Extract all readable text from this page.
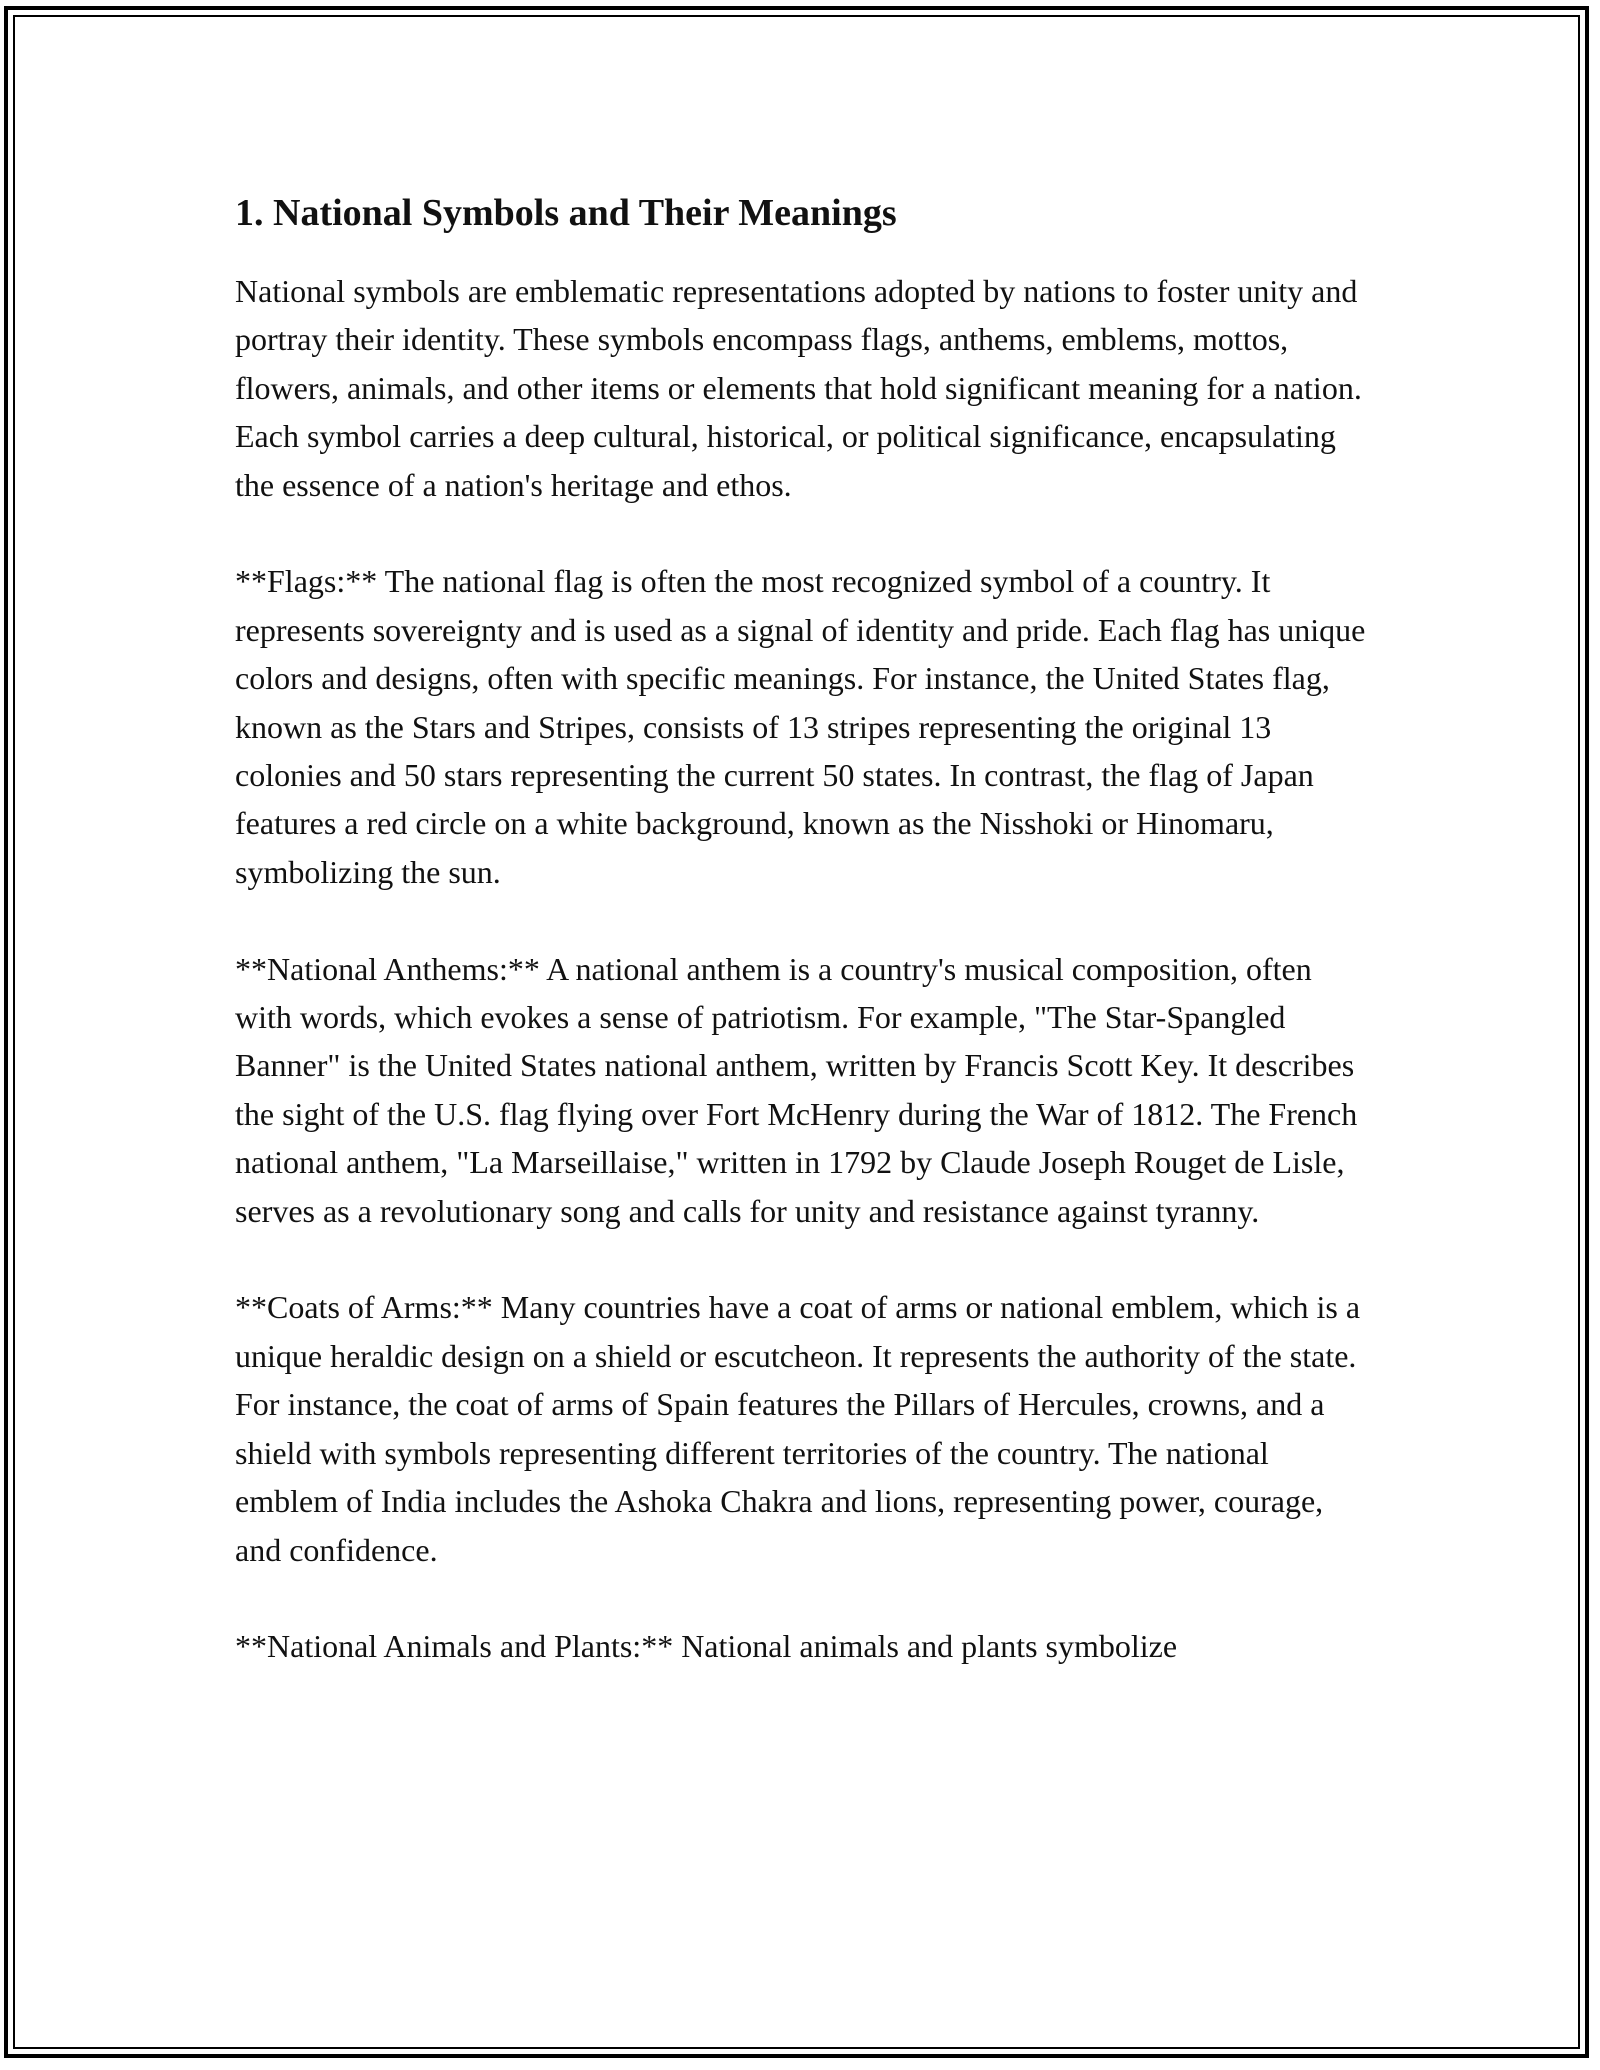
1. National Symbols and Their Meanings

National symbols are emblematic representations adopted by nations to foster unity and portray their identity. These symbols encompass flags, anthems, emblems, mottos, flowers, animals, and other items or elements that hold significant meaning for a nation. Each symbol carries a deep cultural, historical, or political significance, encapsulating the essence of a nation's heritage and ethos.

**Flags:** The national flag is often the most recognized symbol of a country. It represents sovereignty and is used as a signal of identity and pride. Each flag has unique colors and designs, often with specific meanings. For instance, the United States flag, known as the Stars and Stripes, consists of 13 stripes representing the original 13 colonies and 50 stars representing the current 50 states. In contrast, the flag of Japan features a red circle on a white background, known as the Nisshoki or Hinomaru, symbolizing the sun.

**National Anthems:** A national anthem is a country's musical composition, often with words, which evokes a sense of patriotism. For example, "The Star-Spangled Banner" is the United States national anthem, written by Francis Scott Key. It describes the sight of the U.S. flag flying over Fort McHenry during the War of 1812. The French national anthem, "La Marseillaise," written in 1792 by Claude Joseph Rouget de Lisle, serves as a revolutionary song and calls for unity and resistance against tyranny.

**Coats of Arms:** Many countries have a coat of arms or national emblem, which is a unique heraldic design on a shield or escutcheon. It represents the authority of the state. For instance, the coat of arms of Spain features the Pillars of Hercules, crowns, and a shield with symbols representing different territories of the country. The national emblem of India includes the Ashoka Chakra and lions, representing power, courage, and confidence.

**National Animals and Plants:** National animals and plants symbolize
